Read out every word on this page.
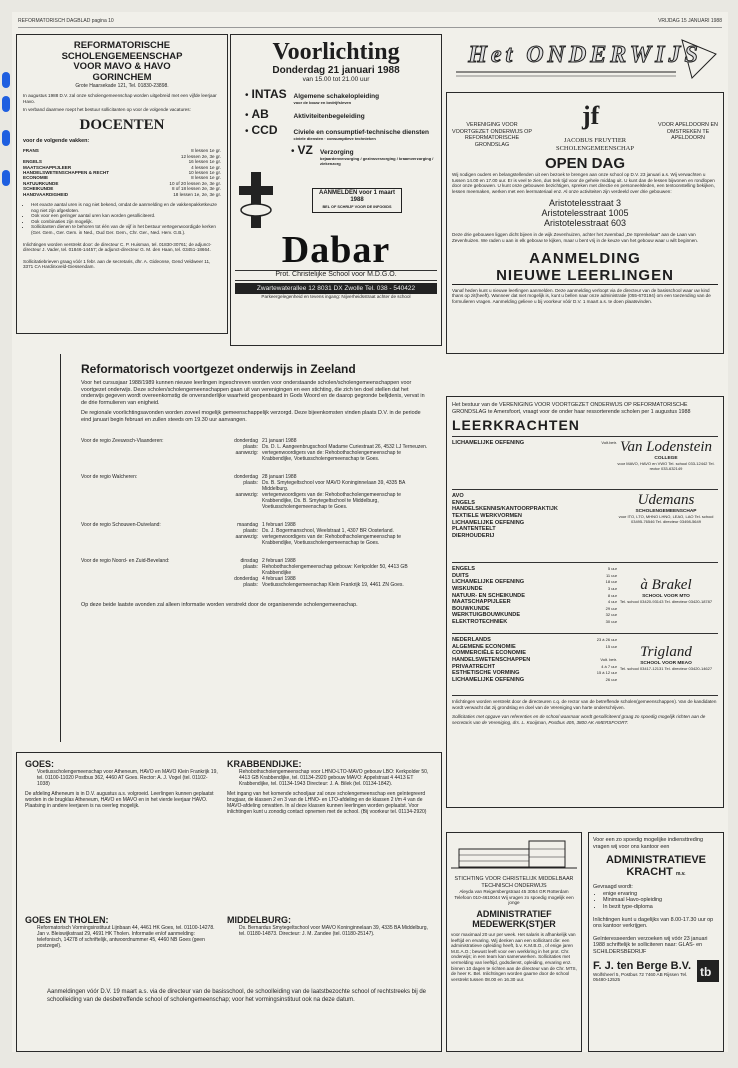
REFORMATORISCH DAGBLAD pagina 10	VRIJDAG 15 JANUARI 1988
REFORMATORISCHE
SCHOLENGEMEENSCHAP
VOOR MAVO & HAVO
GORINCHEM
Grote Haarsekade 121, Tel. 01830-23898.

In augustus 1988 D.V. zal onze scholengemeenschap worden uitgebreid met een vijfde leerjaar Havo.

In verband daarmee roept het bestuur sollicitanten op voor de volgende vacatures:

DOCENTEN

voor de volgende vakken:

FRANS	8 lessen 1e gr.
	12 lessen 2e, 3e gr.
ENGELS	16 lessen 1e gr.
MAATSCHAPPIJLEER	4 lessen 1e gr.
HANDELSWETENSCHAPPEN & RECHT	10 lessen 1e gr.
ECONOMIE	8 lessen 1e gr.
NATUURKUNDE	10 of 20 lessen 2e, 3e gr.
SCHEIKUNDE	8 of 18 lessen 2e, 3e gr.
HANDVAARDIGHEID	18 lessen 1e, 2e, 3e gr.
• Het exacte aantal uren is nog niet bekend, omdat de aanmelding en de vakkenpakketkeuze nog niet zijn afgesloten.
• Ook voor een geringer aantal uren kan worden gesolliciteerd.
• Ook combinaties zijn mogelijk.
• Sollicitanten dienen te behoren tot één van de vijf in het bestuur vertegenwoordigde kerken (Ger. Gem., Ger. Gem. in Ned., Oud Ger. Gem., Chr. Ger., Ned. Herv. G.B.).

Inlichtingen worden verstrekt door: de directeur C. P. Huisman, tel. 01830-30761; de adjunct-directeur J. Vader, tel. 01846-14457; de adjunct-directeur G. M. den Haan, tel. 03451-18664.

Sollicitatiebrieven graag vóór 1 febr. aan de secretaris, dhr. A. Gideonse, Gend Veldweer 11, 3371 CA Hardinxveld-Giessendam.

Voorlichting
Donderdag 21 januari 1988
van 15.00 tot 21.00 uur
• INTAS	Algemene schakelopleiding
voor de bouw en bedrijfsleven
• AB	Aktiviteitenbegeleiding
• CCD	Civiele en consumptief-technische diensten
civiele diensten · consumptieve technieken
• VZ	Verzorging
bejaardenverzorging / gezinsverzorging / kraamverzorging / ziekenzorg
AANMELDEN voor 1 maart 1988
BEL OF SCHRIJF VOOR DE INFOGIDS
Dabar
Prot. Christelijke School voor M.D.G.O.
Zwartewaterallee 12 8031 DX Zwolle Tel. 038 - 540422
Parkeergelegenheid en tevens ingang: Nijverheidsstraat achter de school
Het ONDERWIJS
VERENIGING VOOR VOORTGEZET ONDERWIJS OP REFORMATORISCHE GRONDSLAG
jf
JACOBUS FRUYTIER SCHOLENGEMEENSCHAP
VOOR APELDOORN EN OMSTREKEN TE APELDOORN
OPEN DAG

Wij nodigen ouders en belangstellenden uit een bezoek te brengen aan onze school op D.V. 23 januari a.s. Wij verwachten u tussen 14.00 en 17.00 uur. Er is veel te zien, dus trek tijd voor de gehele middag uit. U kunt dan de lessen bijwonen en rondlopen door onze gebouwen. U kunt onze gebouwen bezichtigen, spreken met directie en personeelsleden, een tentoonstelling bekijken, lessen meemaken, werken met een leermateriaal enz. Al onze activiteiten zijn verdeeld over drie gebouwen:

Aristotelesstraat 3
Aristotelesstraat 1005
Aristotelesstraat 603

Deze drie gebouwen liggen dicht bijeen in de wijk Zevenhuizen, achter het zwembad „De Sprenkelaar” aan de Laan van Zevenhuizen. We raden u aan in elk gebouw te kijken, maar u bent vrij in de keuze van het gebouw waar u wilt beginnen.

AANMELDING
NIEUWE LEERLINGEN

Vanaf heden kunt u nieuwe leerlingen aanmelden. Deze aanmelding verloopt via de directeur van de basisschool waar uw kind thans op zit(heeft). Wanneer dat niet mogelijk is, kunt u bellen naar onze administratie (055-670194) om een toezending van de formulieren vragen. Aanmelding gelieve u bij voorkeur vóór D.V. 1 maart a.s. te doen plaatsvinden.

Reformatorisch voortgezet onderwijs in Zeeland

Voor het cursusjaar 1988/1989 kunnen nieuwe leerlingen ingeschreven worden voor onderstaande scholen/scholengemeenschappen voor voortgezet onderwijs. Deze scholen/scholengemeenschappen gaan uit van verenigingen en een stichting, die zich ten doel stellen dat het onderwijs gegeven wordt overeenkomstig de onveranderlijke waarheid geopenbaard in Gods Woord en de daarop gegronde belijdenis, vervat in de drie formulieren van enigheid.

De regionale voorlichtingsavonden worden zoveel mogelijk gemeenschappelijk verzorgd. Deze bijeenkomsten vinden plaats D.V. in de periode eind januari begin februari en zullen steeds om 19.30 uur aanvangen.

Voor de regio Zeeuwsch-Vlaanderen:	donderdag 21 januari 1988
plaats: Ds. D. L. Aangeenbrugschool Madame Curiestraat 26, 4532 LJ Terneuzen.
aanwezig: vertegenwoordigers van de: Rehobothscholengemeenschap te Krabbendijke, Voetiusscholengemeenschap te Goes.
Voor de regio Walcheren:	donderdag 28 januari 1988
plaats: Ds. B. Smytegeltschool voor MAVO Koninginnelaan 39, 4335 BA Middelburg.
aanwezig: vertegenwoordigers van de: Rehobothscholengemeenschap te Krabbendijke, Ds. B. Smytegeltschool te Middelburg, Voetiusscholengemeenschap te Goes.
Voor de regio Schouwen-Duiveland:	maandag 1 februari 1988
plaats: Ds. J. Bogermanschool, Weelstraat 1, 4307 BR Oosterland.
aanwezig: vertegenwoordigers van de: Rehobothscholengemeenschap te Krabbendijke, Voetiusscholengemeenschap te Goes.
Voor de regio Noord- en Zuid-Beveland:	dinsdag 2 februari 1988
plaats: Rehobothscholengemeenschap gebouw: Kerkpolder 50, 4413 GB Krabbendijke
donderdag 4 februari 1988
plaats: Voetiusscholengemeenschap Klein Frankrijk 19, 4461 ZN Goes.

Op deze beide laatste avonden zal alleen informatie worden verstrekt door de organiserende scholengemeenschap.

GOES:

Voetiusscholengemeenschap voor Atheneum, HAVO en MAVO Klein Frankrijk 19, tel. 01100-11020 Postbus 362, 4460 AT Goes. Rector: A. J. Vogel (tel. 01102-1038)

De afdeling Atheneum is in D.V. augustus a.s. volgroeid. Leerlingen kunnen geplaatst worden in de brugklas Atheneum, HAVO en MAVO en in het vierde leerjaar HAVO. Plaatsing in andere leerjaren is na overleg mogelijk.

KRABBENDIJKE:

Rehobothscholengemeenschap voor LHNO-LTO-MAVO gebouw LBO: Kerkpolder 50, 4413 GB Krabbendijke, tel. 01134-2920 gebouw MAVO: Appelstraat 4 4413 ET Krabbendijke, tel. 01134-1943 Directeur: J. A. Bilek (tel. 01134-1842).

Met ingang van het komende schooljaar zal onze scholengemeenschap een geïntegreerd brugjaar, de klassen 2 en 3 van de LHNO- en LTO-afdeling en de klassen 2 t/m 4 van de MAVO-afdeling omvatten. In al deze klassen kunnen leerlingen worden geplaatst. Voor inlichtingen kunt u zonodig contact opnemen met de school. (Bij voorkeur tel. 01134-2920)

GOES EN THOLEN:

Reformatorisch Vormingsinstituut Lijnbaan 44, 4461 HK Goes, tel. 01100-14278. Jan v. Bleiswijkstraat 29, 4691 HK Tholen. Informatie en/of aanmelding: telefonisch, 14278 of schriftelijk, antwoordnummer 45, 4460 NB Goes (geen postzegel).

MIDDELBURG:

Ds. Bernardus Smytegeltschool voor MAVO Koninginnelaan 39, 4335 BA Middelburg, tel. 01180-14873. Directeur: J. M. Zandee (tel. 01180-25147).

Aanmeldingen vóór D.V. 19 maart a.s. via de directeur van de basisschool, de schoolleiding van de laatstbezochte school of rechtstreeks bij de schoolleiding van de desbetreffende school of scholengemeenschap; voor het vormingsinstituut ook na deze datum.

Het bestuur van de VERENIGING VOOR VOORTGEZET ONDERWIJS OP REFORMATORISCHE GRONDSLAG te Amersfoort, vraagt voor de onder haar ressorterende scholen per 1 augustus 1988

LEERKRACHTEN
LICHAMELIJKE OEFENING	Volt.betr. Van Lodenstein
COLLEGE
voor MAVO, HAVO en VWO Tel. school 033-12442 Tel. rector 033-632149
AVO
ENGELS
HANDELSKENNIS/KANTOORPRAKTIJK
TEXTIELE WERKVORMEN
LICHAMELIJKE OEFENING
PLANTENTEELT
DIERHOUDERIJ
Udemans
SCHOLENGEMEENSCHAP
voor ITO, LTO, MHNO LHNO, LEAO, LAO Tel. school 03495-76546 Tel. directeur 03498-5649
ENGELS	5 uur
DUITS	11 uur
LICHAMELIJKE OEFENING	18 uur
WISKUNDE	3 uur
NATUUR- EN SCHEIKUNDE	8 uur
MAATSCHAPPIJLEER	4 uur
BOUWKUNDE	29 uur
WERKTUIGBOUWKUNDE	32 uur
ELEKTROTECHNIEK	30 uur
à Brakel
SCHOOL VOOR MTO
Tel. school 03420-93143 Tel. directeur 03420-18787
NEDERLANDS	23 à 26 uur
ALGEMENE ECONOMIE	15 uur
COMMERCIËLE ECONOMIE
HANDELSWETENSCHAPPEN	Volt. betr.
PRIVAATRECHT	4 à 7 uur
ESTHETISCHE VORMING	15 à 12 uur
LICHAMELIJKE OEFENING	26 uur
Trigland
SCHOOL VOOR MEAO
Tel. school 03417-12131 Tel. directeur 03420-14627

Inlichtingen worden verstrekt door de directeuren c.q. de rector van de betreffende scholen(gemeenschappen). Van de kandidaten wordt verwacht dat zij grondslag en doel van de Vereniging van harte onderschrijven.

Sollicitaties met opgave van referenties en de school waarnaar wordt gesolliciteerd graag zo spoedig mogelijk richten aan de secretaris van de Vereniging, drs. L. Kooijman, Postbus 405, 3800 AK AMERSFOORT.

STICHTING VOOR CHRISTELIJK MIDDELBAAR TECHNISCH ONDERWIJS
Aleyda van Reigersbergstraat 45 3054 GR Rotterdam Telefoon 010-4610044 Wij vragen zo spoedig mogelijk een jonge
ADMINISTRATIEF MEDEWERK(ST)ER

voor maximaal 20 uur per week. Het salaris is afhankelijk van leeftijd en ervaring. Wij denken aan een sollicitant die: een administratieve opleiding heeft, b.v. K.M.B.O., of enige jaren M.E.A.O.; bewust leeft voor een werkkring in het prot. Chr. onderwijs; in een team kan samenwerken. Sollicitaties met vermelding van leeftijd, godsdienst, opleiding, ervaring enz. binnen 10 dagen te richten aan de directeur van de Chr. MTS, de heer K. Bel. Inlichtingen worden gaarne door de school verstrekt tussen 08.00 en 16.30 uur.

Voor een zo spoedig mogelijke indiensttreding vragen wij voor ons kantoor een

ADMINISTRATIEVE
KRACHT m.v.

Gevraagd wordt:

• enige ervaring
• Minimaal Havo-opleiding
• In bezit type-diploma

Inlichtingen kunt u dagelijks van 8.00-17.30 uur op ons kantoor verkrijgen.

Geïnteresseerden verzoeken wij vóór 23 januari 1988 schriftelijk te solliciteren naar: GLAS- en SCHILDERSBEDRIJF

F. J. ten Berge B.V.
Wolfsheerl 5, Postbus 72 7460 AB Rijssen Tel. 05480-12525
tb
